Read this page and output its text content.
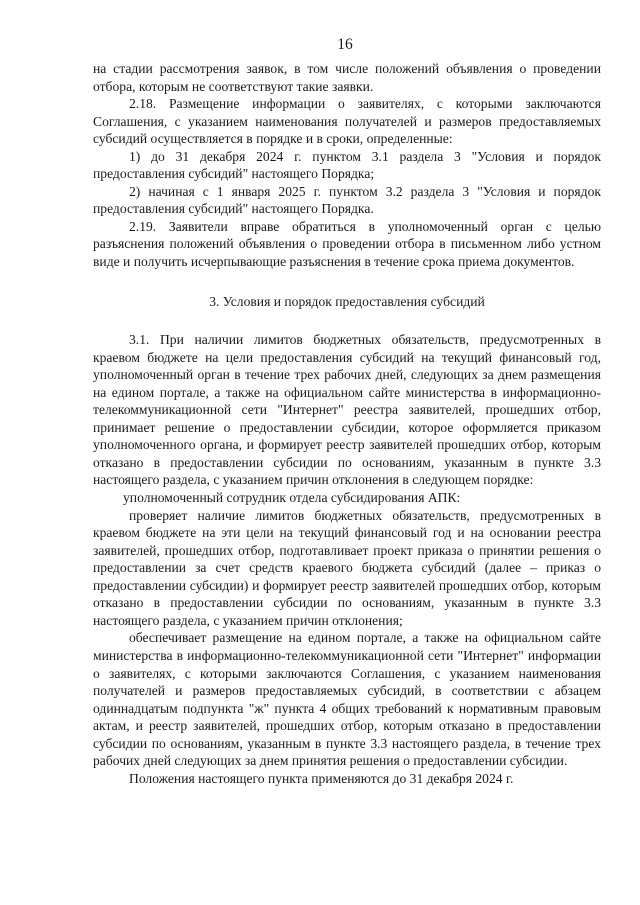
16

на стадии рассмотрения заявок, в том числе положений объявления о проведении отбора, которым не соответствуют такие заявки.

2.18. Размещение информации о заявителях, с которыми заключаются Соглашения, с указанием наименования получателей и размеров предоставляемых субсидий осуществляется в порядке и в сроки, определенные:

1) до 31 декабря 2024 г. пунктом 3.1 раздела 3 "Условия и порядок предоставления субсидий" настоящего Порядка;

2) начиная с 1 января 2025 г. пунктом 3.2 раздела 3 "Условия и порядок предоставления субсидий" настоящего Порядка.

2.19. Заявители вправе обратиться в уполномоченный орган с целью разъяснения положений объявления о проведении отбора в письменном либо устном виде и получить исчерпывающие разъяснения в течение срока приема документов.

3. Условия и порядок предоставления субсидий

3.1. При наличии лимитов бюджетных обязательств, предусмотренных в краевом бюджете на цели предоставления субсидий на текущий финансовый год, уполномоченный орган в течение трех рабочих дней, следующих за днем размещения на едином портале, а также на официальном сайте министерства в информационно-телекоммуникационной сети "Интернет" реестра заявителей, прошедших отбор, принимает решение о предоставлении субсидии, которое оформляется приказом уполномоченного органа, и формирует реестр заявителей прошедших отбор, которым отказано в предоставлении субсидии по основаниям, указанным в пункте 3.3 настоящего раздела, с указанием причин отклонения в следующем порядке:

уполномоченный сотрудник отдела субсидирования АПК:

проверяет наличие лимитов бюджетных обязательств, предусмотренных в краевом бюджете на эти цели на текущий финансовый год и на основании реестра заявителей, прошедших отбор, подготавливает проект приказа о принятии решения о предоставлении за счет средств краевого бюджета субсидий (далее – приказ о предоставлении субсидии) и формирует реестр заявителей прошедших отбор, которым отказано в предоставлении субсидии по основаниям, указанным в пункте 3.3 настоящего раздела, с указанием причин отклонения;

обеспечивает размещение на едином портале, а также на официальном сайте министерства в информационно-телекоммуникационной сети "Интернет" информации о заявителях, с которыми заключаются Соглашения, с указанием наименования получателей и размеров предоставляемых субсидий, в соответствии с абзацем одиннадцатым подпункта "ж" пункта 4 общих требований к нормативным правовым актам, и реестр заявителей, прошедших отбор, которым отказано в предоставлении субсидии по основаниям, указанным в пункте 3.3 настоящего раздела, в течение трех рабочих дней следующих за днем принятия решения о предоставлении субсидии.

Положения настоящего пункта применяются до 31 декабря 2024 г.
